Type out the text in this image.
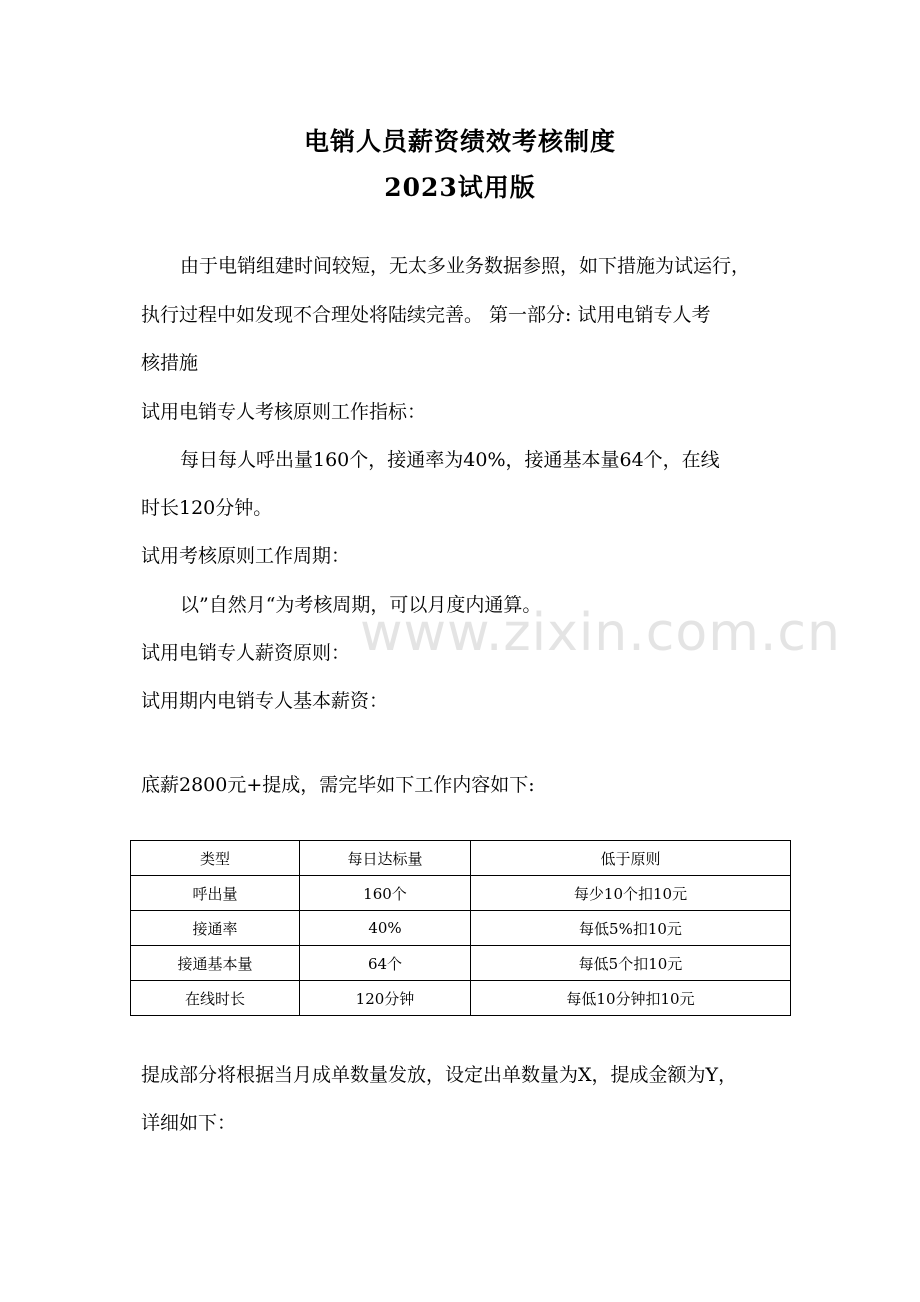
电销人员薪资绩效考核制度
2023试用版
由于电销组建时间较短，无太多业务数据参照，如下措施为试运行，
执行过程中如发现不合理处将陆续完善。 第一部分: 试用电销专人考
核措施
试用电销专人考核原则工作指标：
每日每人呼出量160个，接通率为40%，接通基本量64个，在线
时长120分钟。
试用考核原则工作周期：
以”自然月“为考核周期，可以月度内通算。
试用电销专人薪资原则：
试用期内电销专人基本薪资：
底薪2800元+提成，需完毕如下工作内容如下:
www.zixin.com.cn
类型	每日达标量	低于原则
呼出量	160个	每少10个扣10元
接通率	40%	每低5%扣10元
接通基本量	64个	每低5个扣10元
在线时长	120分钟	每低10分钟扣10元
提成部分将根据当月成单数量发放，设定出单数量为X，提成金额为Y，
详细如下：
